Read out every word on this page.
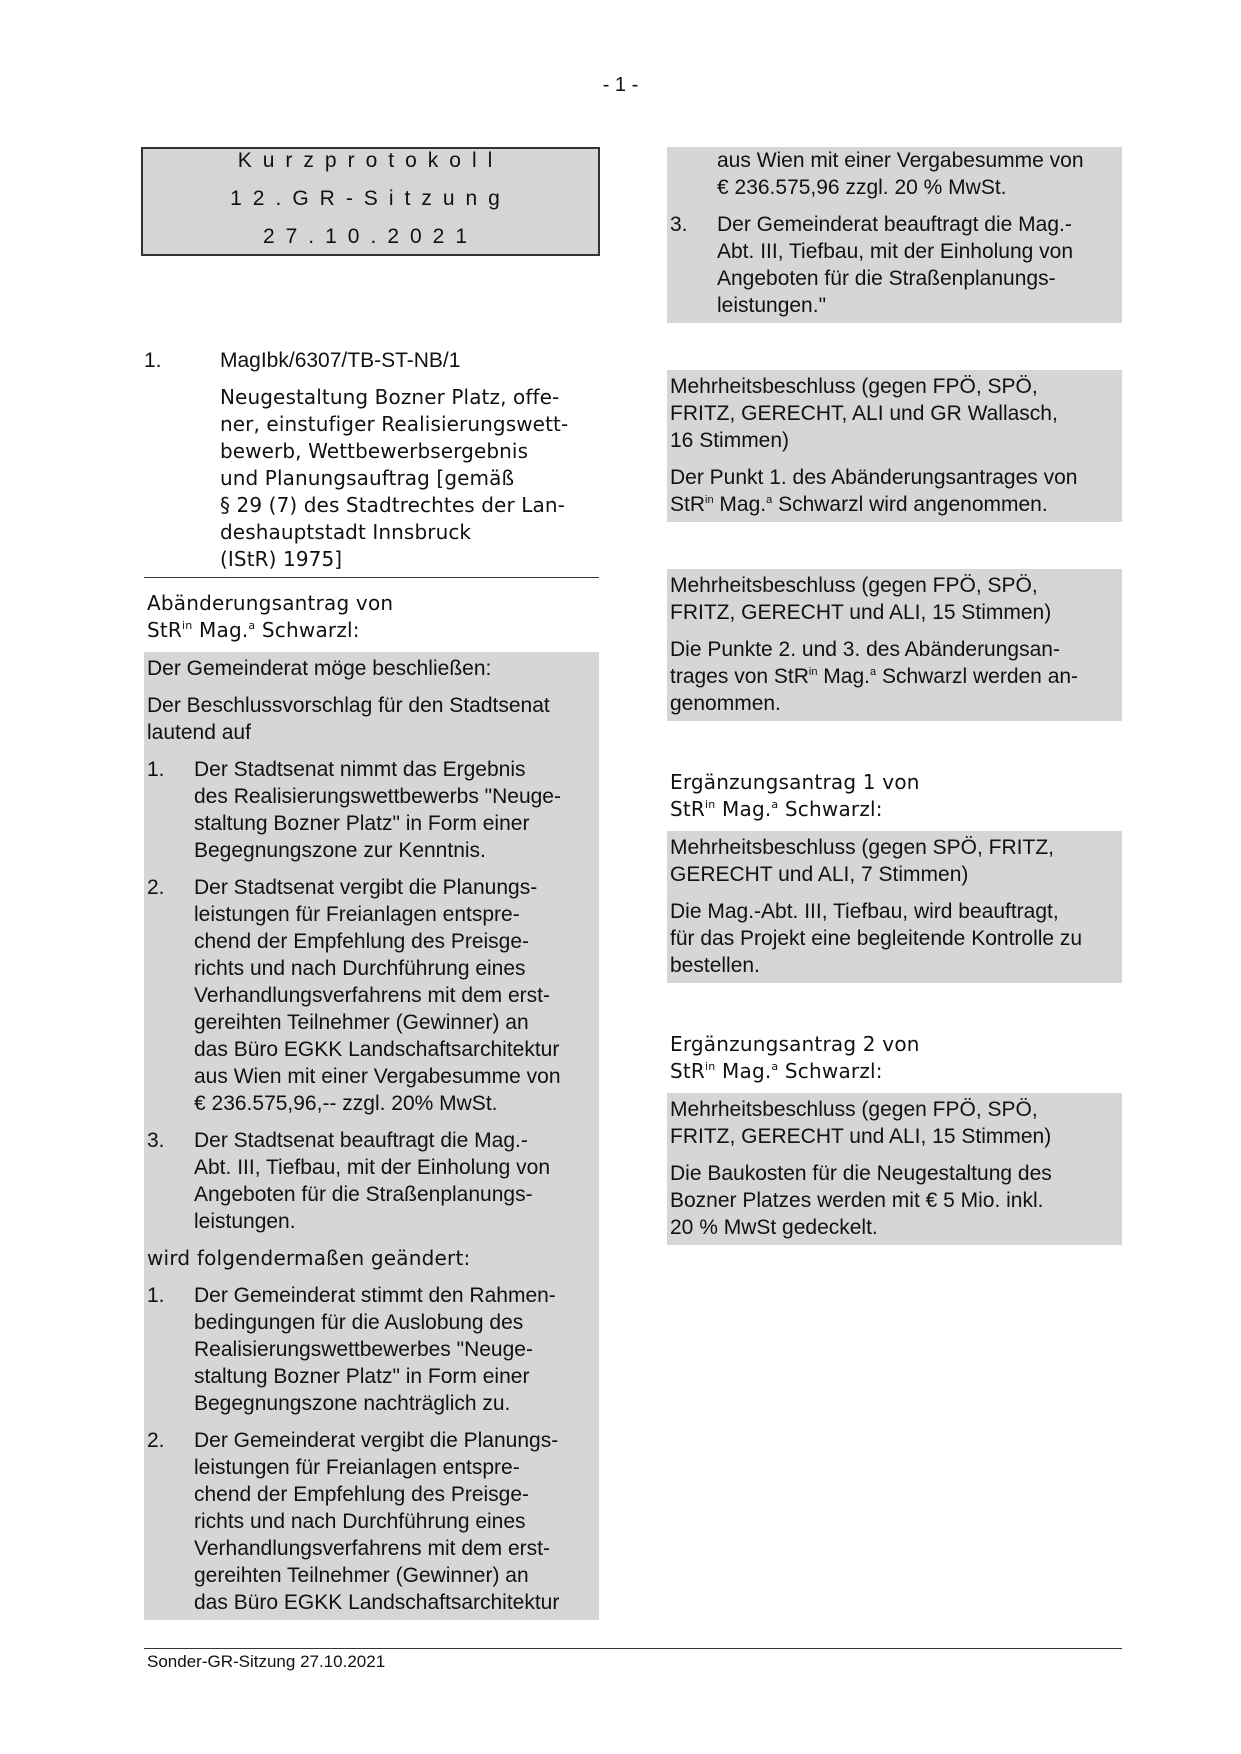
- 1 -
Kurzprotokoll
12.GR-Sitzung
27.10.2021
1.	MagIbk/6307/TB-ST-NB/1
Neugestaltung Bozner Platz, offe-
ner, einstufiger Realisierungswett-
bewerb, Wettbewerbsergebnis
und Planungsauftrag [gemäß
§ 29 (7) des Stadtrechtes der Lan-
deshauptstadt Innsbruck
(IStR) 1975]
Abänderungsantrag von
StR$^{in}$ Mag.$^a$ Schwarzl:

Der Gemeinderat möge beschließen:

Der Beschlussvorschlag für den Stadtsenat lautend auf

1.	Der Stadtsenat nimmt das Ergebnis
des Realisierungswettbewerbs "Neuge-
staltung Bozner Platz" in Form einer
Begegnungszone zur Kenntnis.
2.	Der Stadtsenat vergibt die Planungs-
leistungen für Freianlagen entspre-
chend der Empfehlung des Preisge-
richts und nach Durchführung eines
Verhandlungsverfahrens mit dem erst-
gereihten Teilnehmer (Gewinner) an
das Büro EGKK Landschaftsarchitektur
aus Wien mit einer Vergabesumme von
€ 236.575,96,-- zzgl. 20% MwSt.
3.	Der Stadtsenat beauftragt die Mag.-
Abt. III, Tiefbau, mit der Einholung von
Angeboten für die Straßenplanungs-
leistungen.

wird folgendermaßen geändert:

1.	Der Gemeinderat stimmt den Rahmen-
bedingungen für die Auslobung des
Realisierungswettbewerbes "Neuge-
staltung Bozner Platz" in Form einer
Begegnungszone nachträglich zu.
2.	Der Gemeinderat vergibt die Planungs-
leistungen für Freianlagen entspre-
chend der Empfehlung des Preisge-
richts und nach Durchführung eines
Verhandlungsverfahrens mit dem erst-
gereihten Teilnehmer (Gewinner) an
das Büro EGKK Landschaftsarchitektur
aus Wien mit einer Vergabesumme von
€ 236.575,96 zzgl. 20 % MwSt.
3.	Der Gemeinderat beauftragt die Mag.-
Abt. III, Tiefbau, mit der Einholung von
Angeboten für die Straßenplanungs-
leistungen."

Mehrheitsbeschluss (gegen FPÖ, SPÖ,
FRITZ, GERECHT, ALI und GR Wallasch,
16 Stimmen)

Der Punkt 1. des Abänderungsantrages von
StR$^{in}$ Mag.$^a$ Schwarzl wird angenommen.

Mehrheitsbeschluss (gegen FPÖ, SPÖ,
FRITZ, GERECHT und ALI, 15 Stimmen)

Die Punkte 2. und 3. des Abänderungsan-
trages von StR$^{in}$ Mag.$^a$ Schwarzl werden an-
genommen.

Ergänzungsantrag 1 von
StR$^{in}$ Mag.$^a$ Schwarzl:

Mehrheitsbeschluss (gegen SPÖ, FRITZ,
GERECHT und ALI, 7 Stimmen)

Die Mag.-Abt. III, Tiefbau, wird beauftragt,
für das Projekt eine begleitende Kontrolle zu
bestellen.

Ergänzungsantrag 2 von
StR$^{in}$ Mag.$^a$ Schwarzl:

Mehrheitsbeschluss (gegen FPÖ, SPÖ,
FRITZ, GERECHT und ALI, 15 Stimmen)

Die Baukosten für die Neugestaltung des
Bozner Platzes werden mit € 5 Mio. inkl.
20 % MwSt gedeckelt.

Sonder-GR-Sitzung 27.10.2021
